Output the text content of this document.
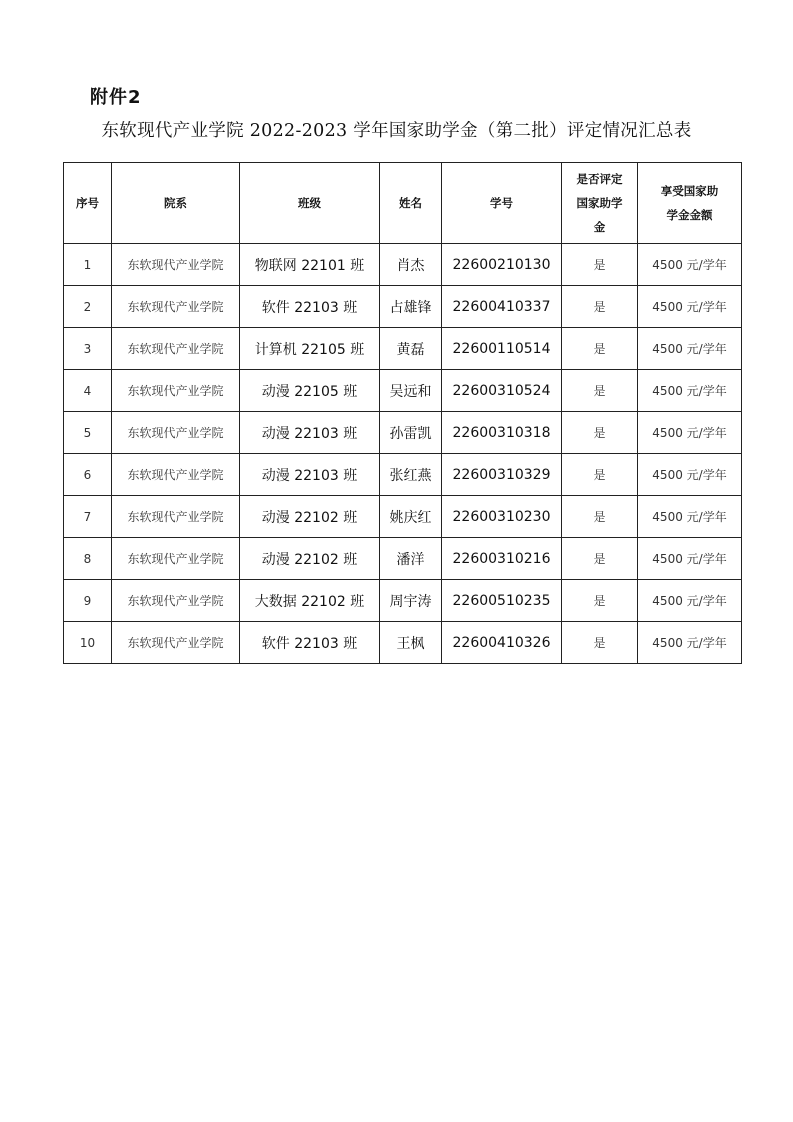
附件2
东软现代产业学院 2022-2023 学年国家助学金（第二批）评定情况汇总表
序号	院系	班级	姓名	学号	是否评定国家助学金	享受国家助学金金额

1	东软现代产业学院	物联网 22101 班	肖杰	22600210130	是	4500 元/学年
2	东软现代产业学院	软件 22103 班	占雄锋	22600410337	是	4500 元/学年
3	东软现代产业学院	计算机 22105 班	黄磊	22600110514	是	4500 元/学年
4	东软现代产业学院	动漫 22105 班	吴远和	22600310524	是	4500 元/学年
5	东软现代产业学院	动漫 22103 班	孙雷凯	22600310318	是	4500 元/学年
6	东软现代产业学院	动漫 22103 班	张红燕	22600310329	是	4500 元/学年
7	东软现代产业学院	动漫 22102 班	姚庆红	22600310230	是	4500 元/学年
8	东软现代产业学院	动漫 22102 班	潘洋	22600310216	是	4500 元/学年
9	东软现代产业学院	大数据 22102 班	周宇涛	22600510235	是	4500 元/学年
10	东软现代产业学院	软件 22103 班	王枫	22600410326	是	4500 元/学年
